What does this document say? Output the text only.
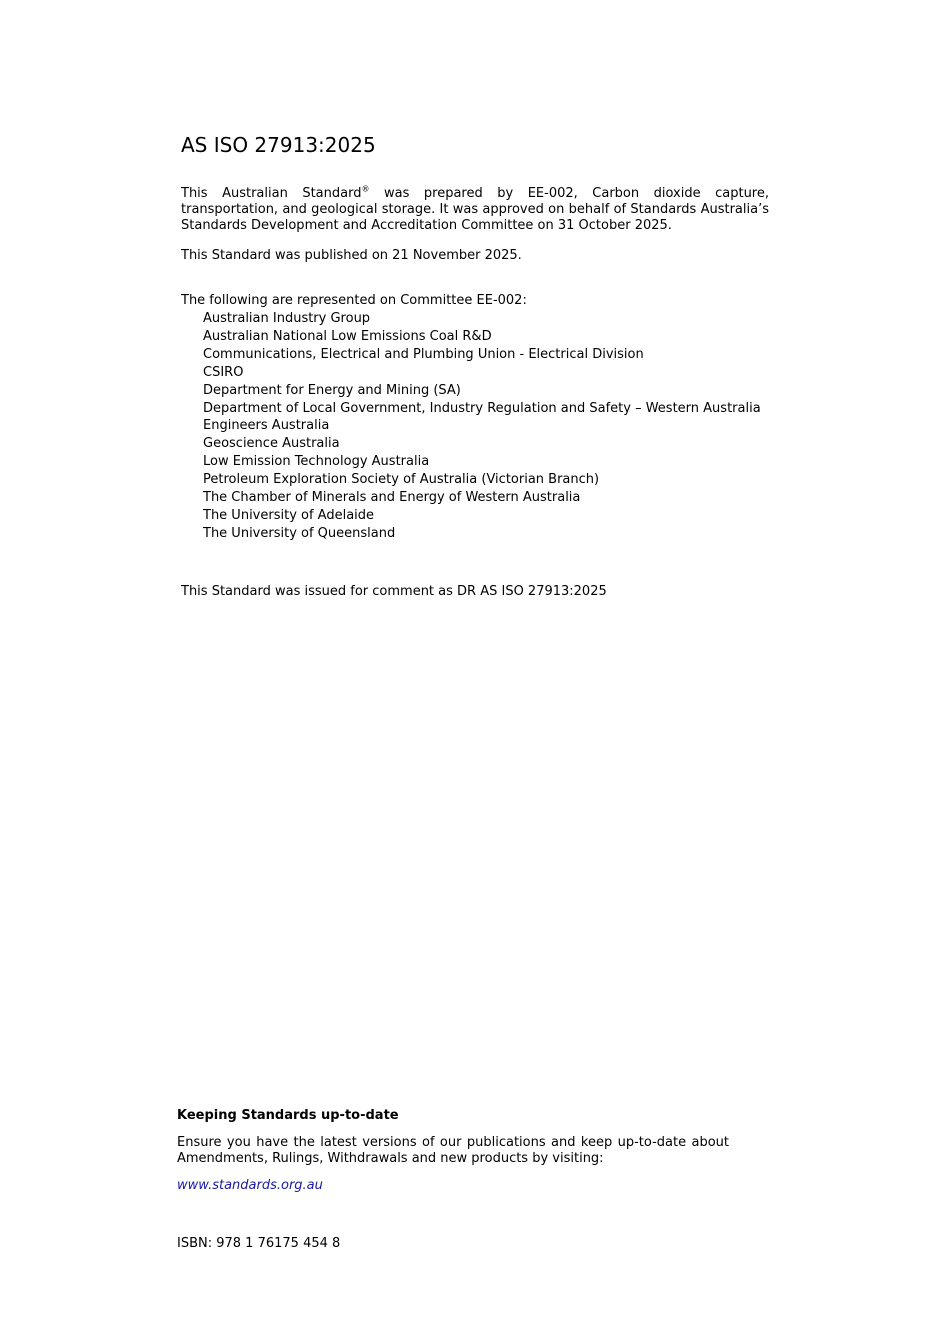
AS ISO 27913:2025

This Australian Standard® was prepared by EE-002, Carbon dioxide capture, transportation, and geological storage. It was approved on behalf of Standards Australia’s Standards Development and Accreditation Committee on 31 October 2025.

This Standard was published on 21 November 2025.

The following are represented on Committee EE-002:

Australian Industry Group
Australian National Low Emissions Coal R&D
Communications, Electrical and Plumbing Union - Electrical Division
CSIRO
Department for Energy and Mining (SA)
Department of Local Government, Industry Regulation and Safety – Western Australia
Engineers Australia
Geoscience Australia
Low Emission Technology Australia
Petroleum Exploration Society of Australia (Victorian Branch)
The Chamber of Minerals and Energy of Western Australia
The University of Adelaide
The University of Queensland

This Standard was issued for comment as DR AS ISO 27913:2025

Keeping Standards up-to-date

Ensure you have the latest versions of our publications and keep up-to-date about Amendments, Rulings, Withdrawals and new products by visiting:

www.standards.org.au

ISBN: 978 1 76175 454 8
